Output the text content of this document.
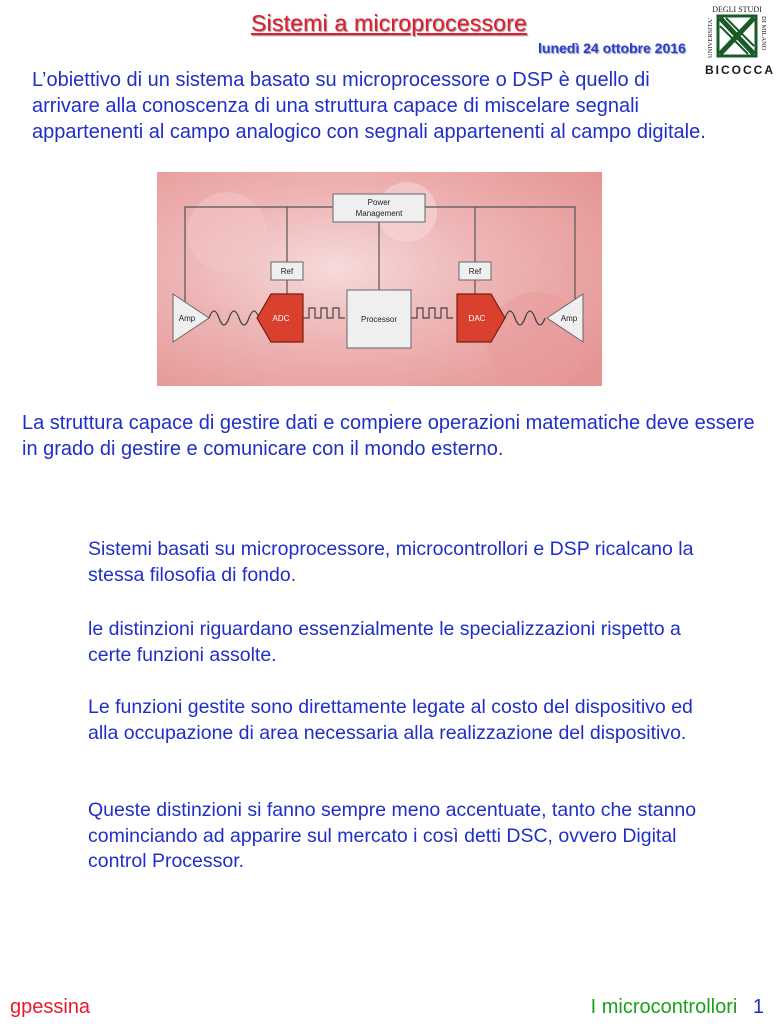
Sistemi a microprocessore
lunedì 24 ottobre 2016
DEGLI STUDI
UNIVERSITA'	DI MILANO
BICOCCA
L’obiettivo di un sistema basato su microprocessore o DSP è quello di arrivare alla conoscenza di una struttura capace di miscelare segnali appartenenti al campo analogico con segnali appartenenti al campo digitale.
Power
Management
Ref	Ref
Amp	ADC	Processor	DAC	Amp
La struttura capace di gestire dati e compiere operazioni matematiche deve essere in grado di gestire e comunicare con il mondo esterno.
Sistemi basati su microprocessore, microcontrollori e DSP ricalcano la stessa filosofia di fondo.
le distinzioni riguardano essenzialmente le specializzazioni rispetto a certe funzioni assolte.
Le funzioni gestite sono direttamente legate al costo del dispositivo ed alla occupazione di area necessaria alla realizzazione del dispositivo.
Queste distinzioni si fanno sempre meno accentuate, tanto che stanno cominciando ad apparire sul mercato i così detti DSC, ovvero Digital control Processor.
gpessina	I microcontrollori 1
